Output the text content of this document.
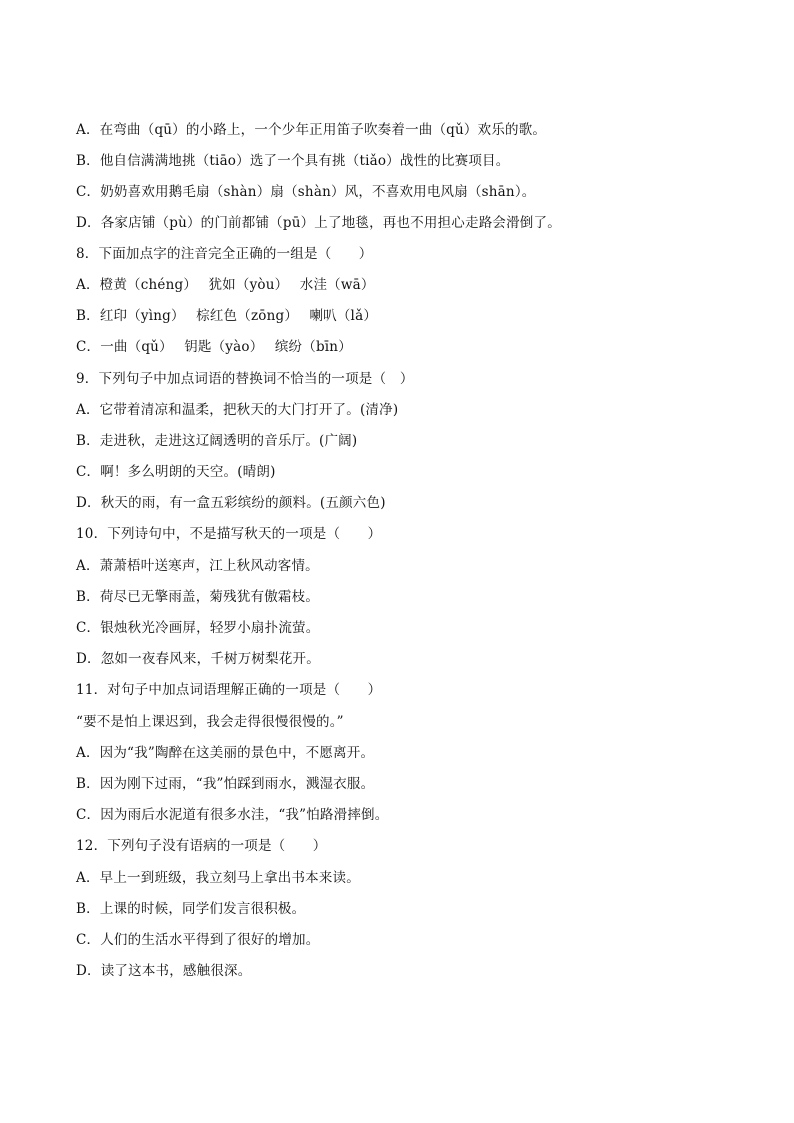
A．在弯曲（qū）的小路上，一个少年正用笛子吹奏着一曲（qǔ）欢乐的歌。
B．他自信满满地挑（tiāo）选了一个具有挑（tiǎo）战性的比赛项目。
C．奶奶喜欢用鹅毛扇（shàn）扇（shàn）风，不喜欢用电风扇（shān）。
D．各家店铺（pù）的门前都铺（pū）上了地毯，再也不用担心走路会滑倒了。
8．下面加点字的注音完全正确的一组是（　　）
A．橙黄（chéng）　 犹如（yòu）　 水洼（wā）
B．红印（yìng）　 棕红色（zōng）　 喇叭（lǎ）
C．一曲（qǔ）　 钥匙（yào）　 缤纷（bīn）
9．下列句子中加点词语的替换词不恰当的一项是（　）
A．它带着清凉和温柔，把秋天的大门打开了。(清净)
B．走进秋，走进这辽阔透明的音乐厅。(广阔)
C．啊！多么明朗的天空。(晴朗)
D．秋天的雨，有一盒五彩缤纷的颜料。(五颜六色)
10．下列诗句中，不是描写秋天的一项是（　　）
A．萧萧梧叶送寒声，江上秋风动客情。
B．荷尽已无擎雨盖，菊残犹有傲霜枝。
C．银烛秋光冷画屏，轻罗小扇扑流萤。
D．忽如一夜春风来，千树万树梨花开。
11．对句子中加点词语理解正确的一项是（　　）
“要不是怕上课迟到，我会走得很慢很慢的。”
A．因为“我”陶醉在这美丽的景色中，不愿离开。
B．因为刚下过雨，“我”怕踩到雨水，溅湿衣服。
C．因为雨后水泥道有很多水洼，“我”怕路滑摔倒。
12．下列句子没有语病的一项是（　　）
A．早上一到班级，我立刻马上拿出书本来读。
B．上课的时候，同学们发言很积极。
C．人们的生活水平得到了很好的增加。
D．读了这本书，感触很深。
